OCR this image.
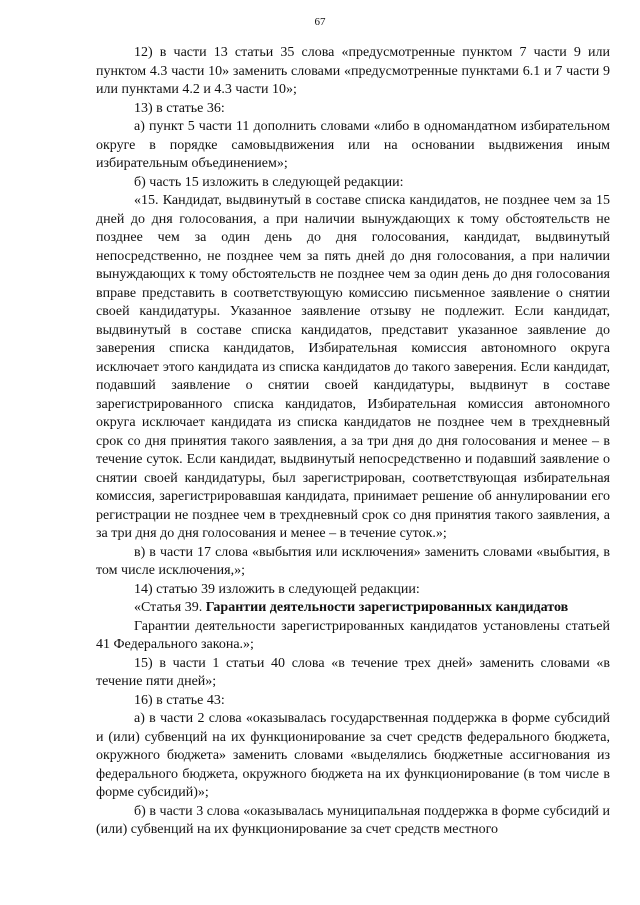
67

12) в части 13 статьи 35 слова «предусмотренные пунктом 7 части 9 или пунктом 4.3 части 10» заменить словами «предусмотренные пунктами 6.1 и 7 части 9 или пунктами 4.2 и 4.3 части 10»;

13) в статье 36:

а) пункт 5 части 11 дополнить словами «либо в одномандатном избирательном округе в порядке самовыдвижения или на основании выдвижения иным избирательным объединением»;

б) часть 15 изложить в следующей редакции:

«15. Кандидат, выдвинутый в составе списка кандидатов, не позднее чем за 15 дней до дня голосования, а при наличии вынуждающих к тому обстоятельств не позднее чем за один день до дня голосования, кандидат, выдвинутый непосредственно, не позднее чем за пять дней до дня голосования, а при наличии вынуждающих к тому обстоятельств не позднее чем за один день до дня голосования вправе представить в соответствующую комиссию письменное заявление о снятии своей кандидатуры. Указанное заявление отзыву не подлежит. Если кандидат, выдвинутый в составе списка кандидатов, представит указанное заявление до заверения списка кандидатов, Избирательная комиссия автономного округа исключает этого кандидата из списка кандидатов до такого заверения. Если кандидат, подавший заявление о снятии своей кандидатуры, выдвинут в составе зарегистрированного списка кандидатов, Избирательная комиссия автономного округа исключает кандидата из списка кандидатов не позднее чем в трехдневный срок со дня принятия такого заявления, а за три дня до дня голосования и менее – в течение суток. Если кандидат, выдвинутый непосредственно и подавший заявление о снятии своей кандидатуры, был зарегистрирован, соответствующая избирательная комиссия, зарегистрировавшая кандидата, принимает решение об аннулировании его регистрации не позднее чем в трехдневный срок со дня принятия такого заявления, а за три дня до дня голосования и менее – в течение суток.»;

в) в части 17 слова «выбытия или исключения» заменить словами «выбытия, в том числе исключения,»;

14) статью 39 изложить в следующей редакции:

«Статья 39. Гарантии деятельности зарегистрированных кандидатов

Гарантии деятельности зарегистрированных кандидатов установлены статьей 41 Федерального закона.»;

15) в части 1 статьи 40 слова «в течение трех дней» заменить словами «в течение пяти дней»;

16) в статье 43:

а) в части 2 слова «оказывалась государственная поддержка в форме субсидий и (или) субвенций на их функционирование за счет средств федерального бюджета, окружного бюджета» заменить словами «выделялись бюджетные ассигнования из федерального бюджета, окружного бюджета на их функционирование (в том числе в форме субсидий)»;

б) в части 3 слова «оказывалась муниципальная поддержка в форме субсидий и (или) субвенций на их функционирование за счет средств местного
